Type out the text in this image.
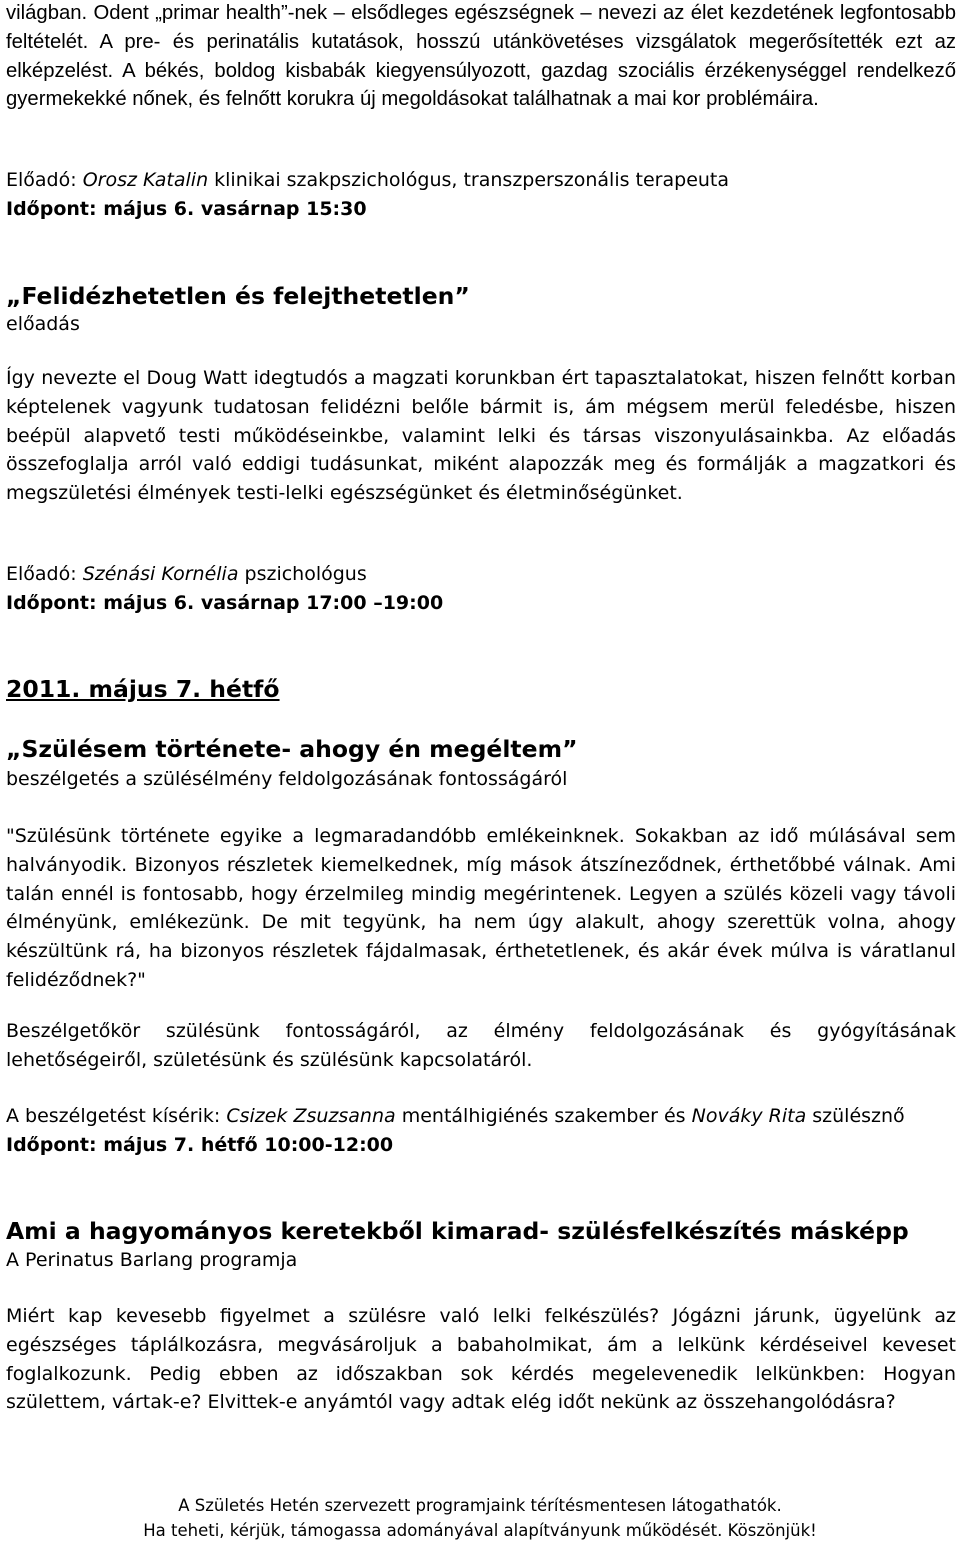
világban. Odent „primar health”-nek – elsődleges egészségnek – nevezi az élet kezdetének legfontosabb feltételét. A pre- és perinatális kutatások, hosszú utánkövetéses vizsgálatok megerősítették ezt az elképzelést. A békés, boldog kisbabák kiegyensúlyozott, gazdag szociális érzékenységgel rendelkező gyermekekké nőnek, és felnőtt korukra új megoldásokat találhatnak a mai kor problémáira.

Előadó: Orosz Katalin klinikai szakpszichológus, transzperszonális terapeuta

Időpont: május 6. vasárnap 15:30

„Felidézhetetlen és felejthetetlen”

előadás

Így nevezte el Doug Watt idegtudós a magzati korunkban ért tapasztalatokat, hiszen felnőtt korban képtelenek vagyunk tudatosan felidézni belőle bármit is, ám mégsem merül feledésbe, hiszen beépül alapvető testi működéseinkbe, valamint lelki és társas viszonyulásainkba. Az előadás összefoglalja arról való eddigi tudásunkat, miként alapozzák meg és formálják a magzatkori és megszületési élmények testi-lelki egészségünket és életminőségünket.

Előadó: Szénási Kornélia pszichológus

Időpont: május 6. vasárnap 17:00 –19:00

2011. május 7. hétfő

„Szülésem története- ahogy én megéltem”

beszélgetés a szülésélmény feldolgozásának fontosságáról

"Szülésünk története egyike a legmaradandóbb emlékeinknek. Sokakban az idő múlásával sem halványodik. Bizonyos részletek kiemelkednek, míg mások átszíneződnek, érthetőbbé válnak. Ami talán ennél is fontosabb, hogy érzelmileg mindig megérintenek. Legyen a szülés közeli vagy távoli élményünk, emlékezünk. De mit tegyünk, ha nem úgy alakult, ahogy szerettük volna, ahogy készültünk rá, ha bizonyos részletek fájdalmasak, érthetetlenek, és akár évek múlva is váratlanul felidéződnek?"

Beszélgetőkör szülésünk fontosságáról, az élmény feldolgozásának és gyógyításának lehetőségeiről, születésünk és szülésünk kapcsolatáról.

A beszélgetést kísérik: Csizek Zsuzsanna mentálhigiénés szakember és Nováky Rita szülésznő

Időpont: május 7. hétfő 10:00-12:00

Ami a hagyományos keretekből kimarad- szülésfelkészítés másképp

A Perinatus Barlang programja

Miért kap kevesebb figyelmet a szülésre való lelki felkészülés? Jógázni járunk, ügyelünk az egészséges táplálkozásra, megvásároljuk a babaholmikat, ám a lelkünk kérdéseivel keveset foglalkozunk. Pedig ebben az időszakban sok kérdés megelevenedik lelkünkben: Hogyan születtem, vártak-e? Elvittek-e anyámtól vagy adtak elég időt nekünk az összehangolódásra?

A Születés Hetén szervezett programjaink térítésmentesen látogathatók.
Ha teheti, kérjük, támogassa adományával alapítványunk működését. Köszönjük!
